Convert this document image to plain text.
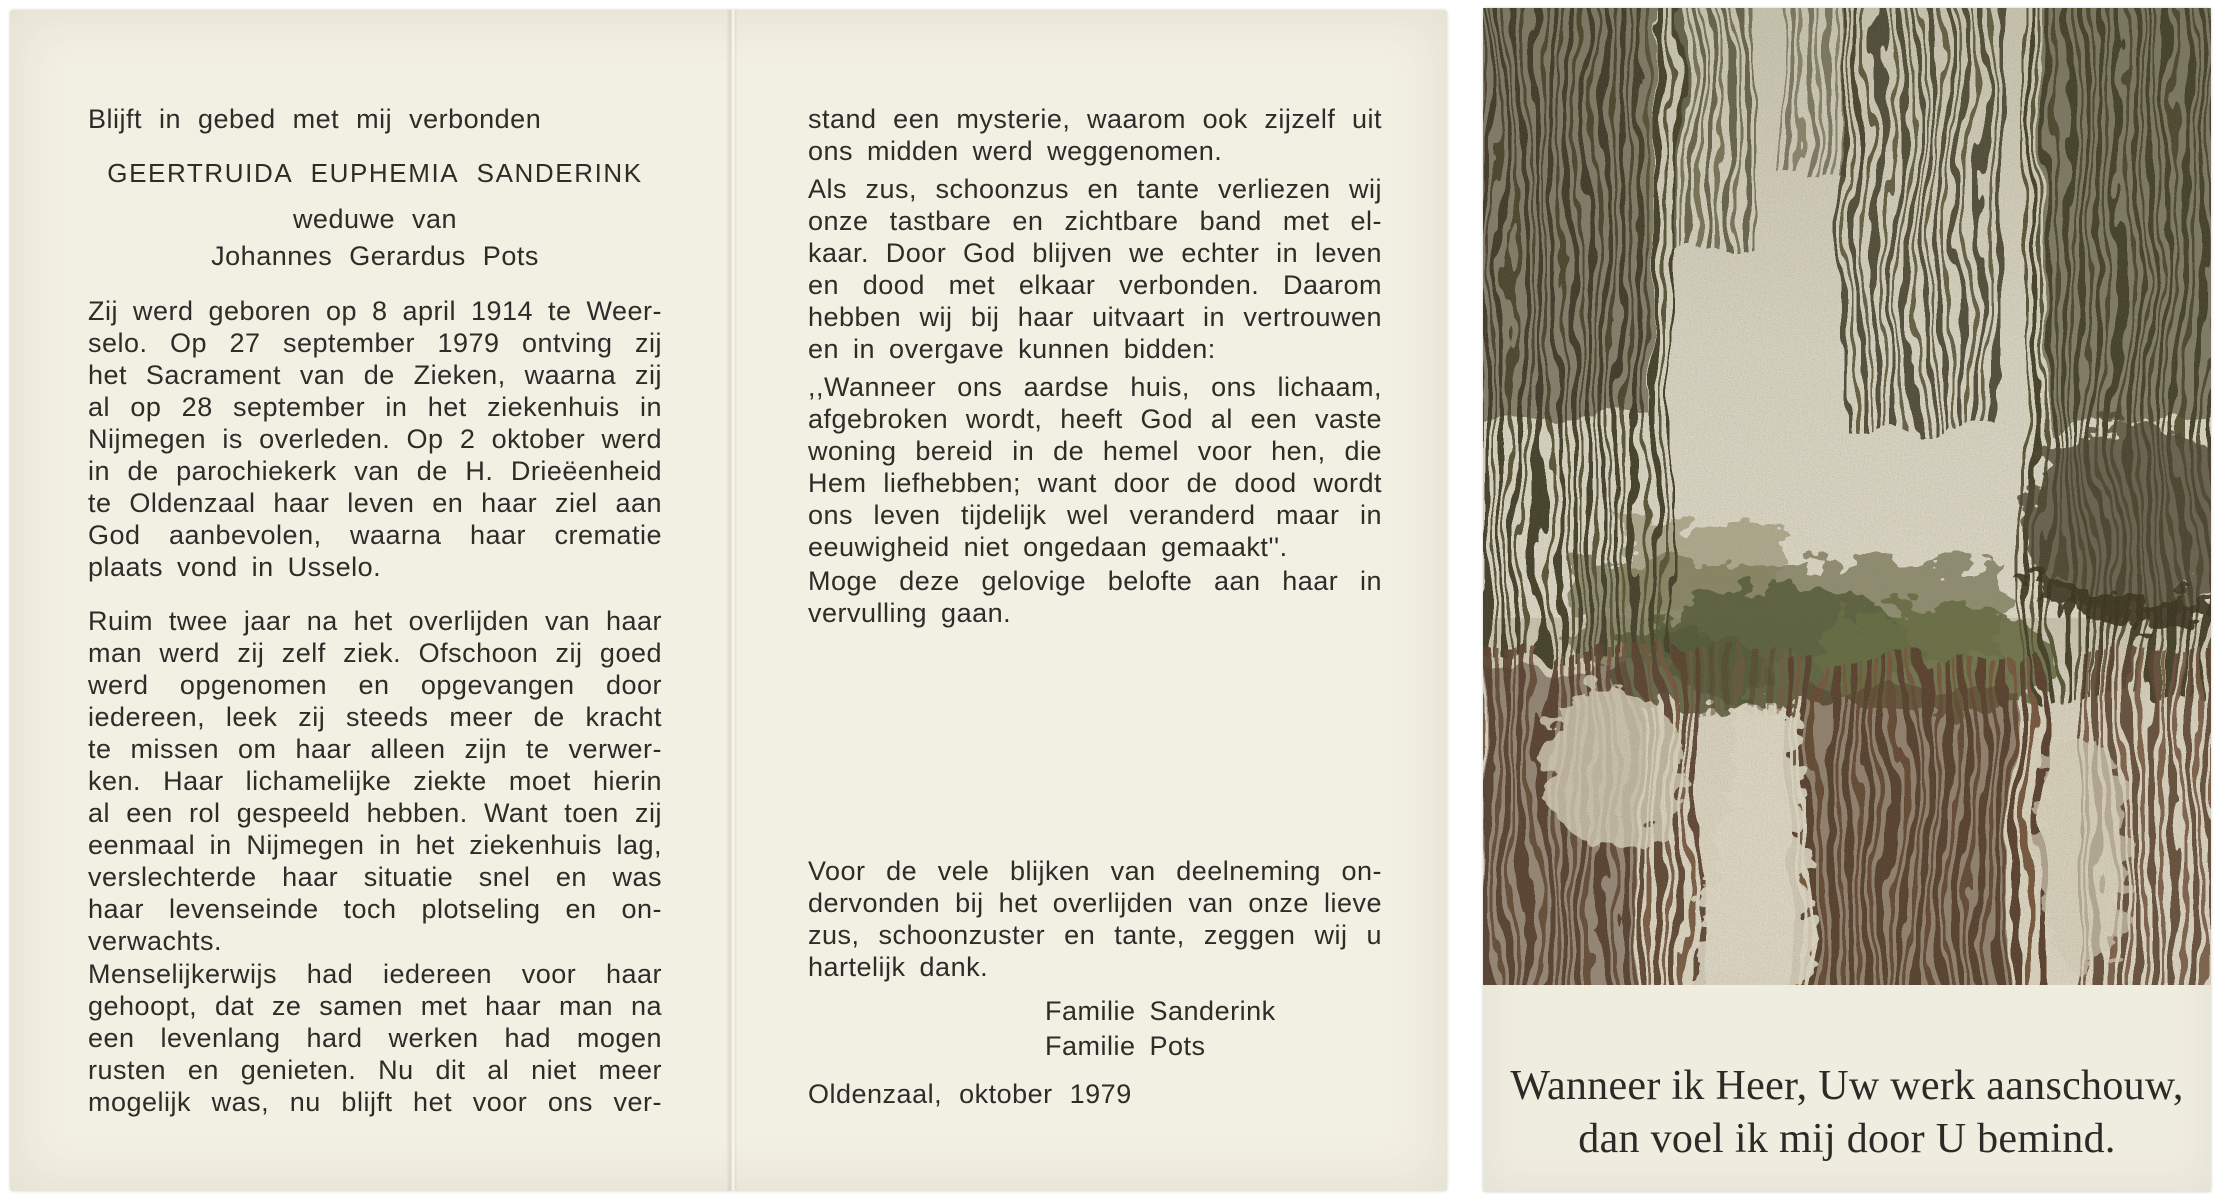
Blijft in gebed met mij verbonden
GEERTRUIDA EUPHEMIA SANDERINK
weduwe van
Johannes Gerardus Pots
Zij werd geboren op 8 april 1914 te Weer-
selo. Op 27 september 1979 ontving zij
het Sacrament van de Zieken, waarna zij
al op 28 september in het ziekenhuis in
Nijmegen is overleden. Op 2 oktober werd
in de parochiekerk van de H. Drieëenheid
te Oldenzaal haar leven en haar ziel aan
God aanbevolen, waarna haar crematie
plaats vond in Usselo.
Ruim twee jaar na het overlijden van haar
man werd zij zelf ziek. Ofschoon zij goed
werd opgenomen en opgevangen door
iedereen, leek zij steeds meer de kracht
te missen om haar alleen zijn te verwer-
ken. Haar lichamelijke ziekte moet hierin
al een rol gespeeld hebben. Want toen zij
eenmaal in Nijmegen in het ziekenhuis lag,
verslechterde haar situatie snel en was
haar levenseinde toch plotseling en on-
verwachts.
Menselijkerwijs had iedereen voor haar
gehoopt, dat ze samen met haar man na
een levenlang hard werken had mogen
rusten en genieten. Nu dit al niet meer
mogelijk was, nu blijft het voor ons ver-
stand een mysterie, waarom ook zijzelf uit
ons midden werd weggenomen.
Als zus, schoonzus en tante verliezen wij
onze tastbare en zichtbare band met el-
kaar. Door God blijven we echter in leven
en dood met elkaar verbonden. Daarom
hebben wij bij haar uitvaart in vertrouwen
en in overgave kunnen bidden:
,,Wanneer ons aardse huis, ons lichaam,
afgebroken wordt, heeft God al een vaste
woning bereid in de hemel voor hen, die
Hem liefhebben; want door de dood wordt
ons leven tijdelijk wel veranderd maar in
eeuwigheid niet ongedaan gemaakt''.
Moge deze gelovige belofte aan haar in
vervulling gaan.
Voor de vele blijken van deelneming on-
dervonden bij het overlijden van onze lieve
zus, schoonzuster en tante, zeggen wij u
hartelijk dank.
Familie Sanderink
Familie Pots
Oldenzaal, oktober 1979	Wanneer ik Heer, Uw werk aanschouw,
dan voel ik mij door U bemind.
